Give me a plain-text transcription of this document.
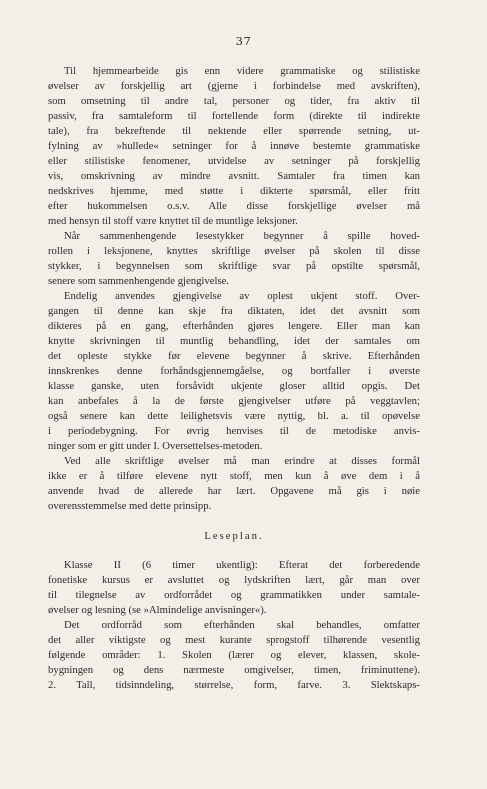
37
Til hjemmearbeide gis enn videre grammatiske og stilistiske
øvelser av forskjellig art (gjerne i forbindelse med avskriften),
som omsetning til andre tal, personer og tider, fra aktiv til
passiv, fra samtaleform til fortellende form (direkte til indirekte
tale), fra bekreftende til nektende eller spørrende setning, ut-
fylning av »hullede« setninger for å innøve bestemte grammatiske
eller stilistiske fenomener, utvidelse av setninger på forskjellig
vis, omskrivning av mindre avsnitt. Samtaler fra timen kan
nedskrives hjemme, med støtte i dikterte spørsmål, eller fritt
efter hukommelsen o.s.v. Alle disse forskjellige øvelser må
med hensyn til stoff være knyttet til de muntlige leksjoner.
Når sammenhengende lesestykker begynner å spille hoved-
rollen i leksjonene, knyttes skriftlige øvelser på skolen til disse
stykker, i begynnelsen som skriftlige svar på opstilte spørsmål,
senere som sammenhengende gjengivelse.
Endelig anvendes gjengivelse av oplest ukjent stoff. Over-
gangen til denne kan skje fra diktaten, idet det avsnitt som
dikteres på en gang, efterhånden gjøres lengere. Eller man kan
knytte skrivningen til muntlig behandling, idet der samtales om
det opleste stykke før elevene begynner å skrive. Efterhånden
innskrenkes denne forhåndsgjennemgåelse, og bortfaller i øverste
klasse ganske, uten forsåvidt ukjente gloser alltid opgis. Det
kan anbefales å la de første gjengivelser utføre på veggtavlen;
også senere kan dette leilighetsvis være nyttig, bl. a. til opøvelse
i periodebygning. For øvrig henvises til de metodiske anvis-
ninger som er gitt under I. Oversettelses-metoden.
Ved alle skriftlige øvelser må man erindre at disses formål
ikke er å tilføre elevene nytt stoff, men kun å øve dem i å
anvende hvad de allerede har lært. Opgavene må gis i nøie
overensstemmelse med dette prinsipp.
Leseplan.
Klasse II (6 timer ukentlig): Efterat det forberedende
fonetiske kursus er avsluttet og lydskriften lært, går man over
til tilegnelse av ordforrådet og grammatikken under samtale-
øvelser og lesning (se »Almindelige anvisninger«).
Det ordforråd som efterhånden skal behandles, omfatter
det aller viktigste og mest kurante sprogstoff tilhørende vesentlig
følgende områder: 1. Skolen (lærer og elever, klassen, skole-
bygningen og dens nærmeste omgivelser, timen, friminuttene).
2. Tall, tidsinndeling, størrelse, form, farve. 3. Slektskaps-
